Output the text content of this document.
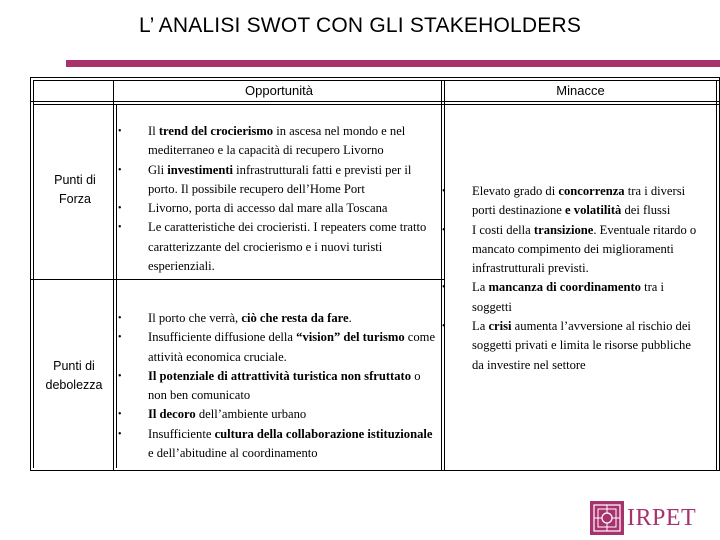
L’ ANALISI SWOT CON GLI STAKEHOLDERS
Opportunità	Minacce
Punti di Forza
Punti di debolezza
• Il trend del crocierismo in ascesa nel mondo e nel mediterraneo e la capacità di recupero Livorno
• Gli investimenti infrastrutturali fatti e previsti per il porto. Il possibile recupero dell’Home Port
• Livorno, porta di accesso dal mare alla Toscana
• Le caratteristiche dei crocieristi. I repeaters come tratto caratterizzante del crocierismo e i nuovi turisti esperienziali.
• Il porto che verrà, ciò che resta da fare.
• Insufficiente diffusione della “vision” del turismo come attività economica cruciale.
• Il potenziale di attrattività turistica non sfruttato o non ben comunicato
• Il decoro dell’ambiente urbano
• Insufficiente cultura della collaborazione istituzionale e dell’abitudine al coordinamento
• Elevato grado di concorrenza tra i diversi porti destinazione e volatilità dei flussi
• I costi della transizione. Eventuale ritardo o mancato compimento dei miglioramenti infrastrutturali previsti.
• La mancanza di coordinamento tra i soggetti
• La crisi aumenta l’avversione al rischio dei soggetti privati e limita le risorse pubbliche da investire nel settore
IRPET
